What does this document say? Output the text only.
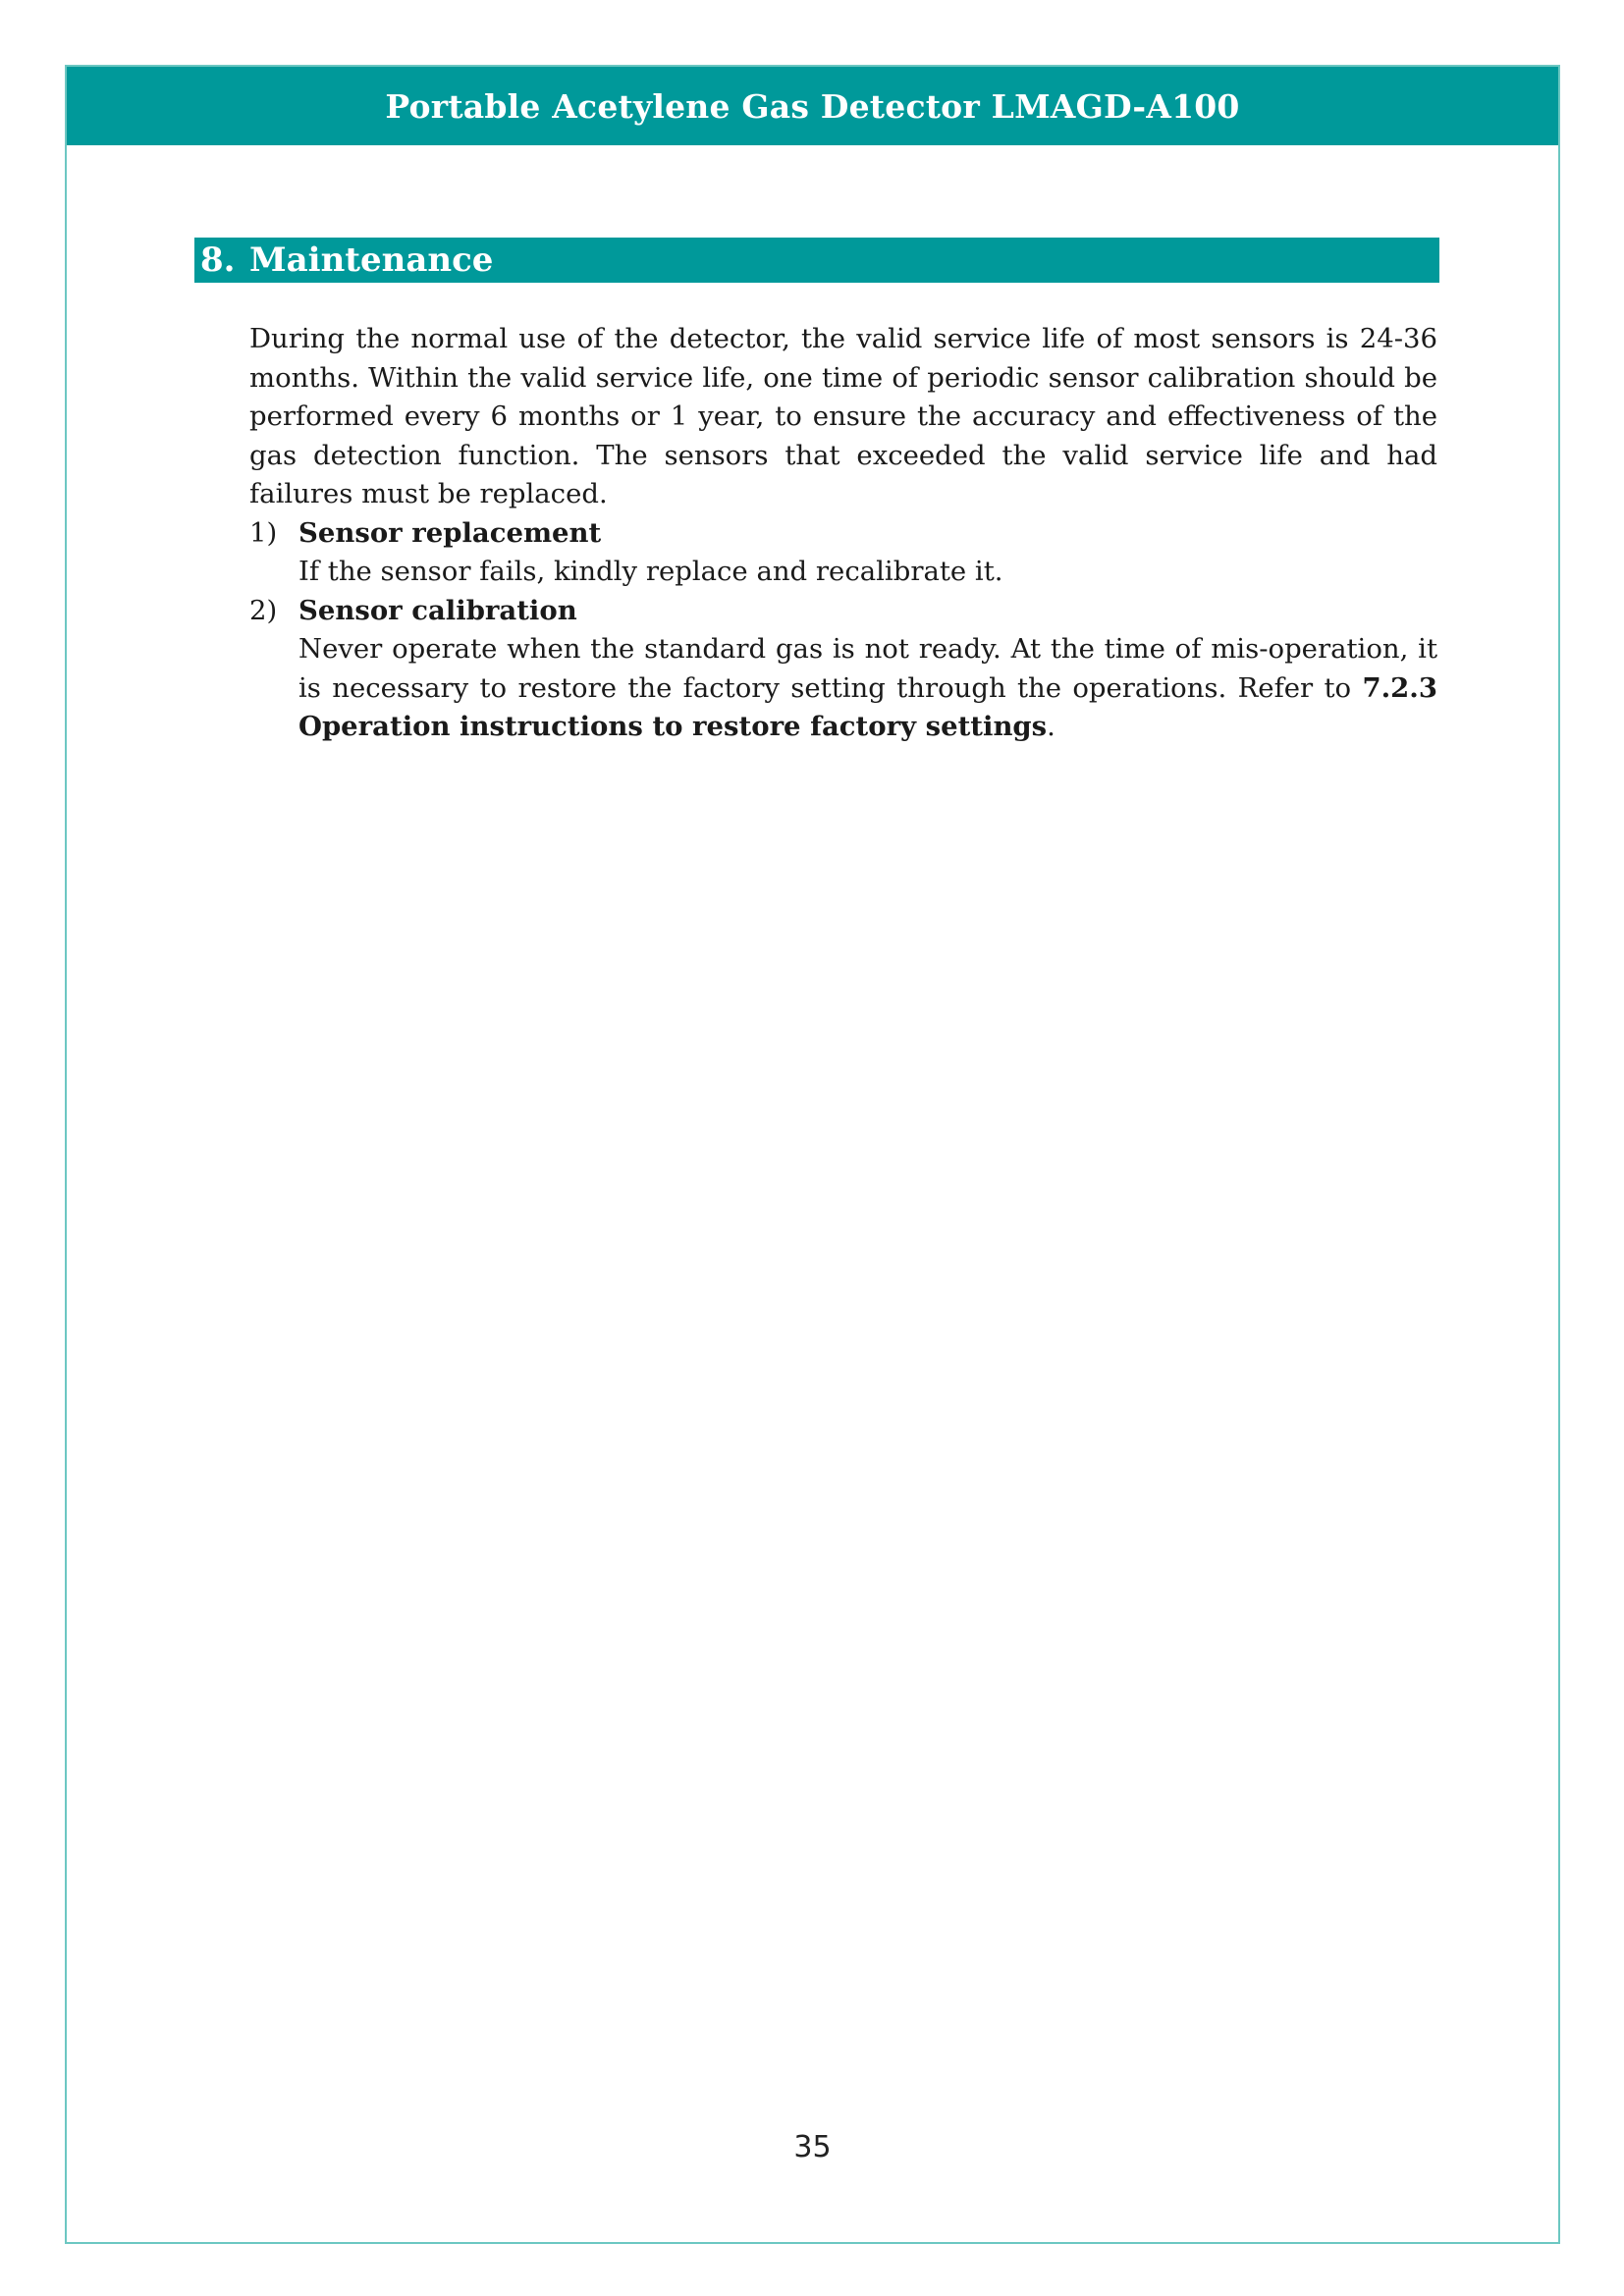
Portable Acetylene Gas Detector LMAGD-A100
8. Maintenance

During the normal use of the detector, the valid service life of most sensors is 24-36 months. Within the valid service life, one time of periodic sensor calibration should be performed every 6 months or 1 year, to ensure the accuracy and effectiveness of the gas detection function. The sensors that exceeded the valid service life and had failures must be replaced.

1) Sensor replacement
If the sensor fails, kindly replace and recalibrate it.
2) Sensor calibration
Never operate when the standard gas is not ready. At the time of mis-operation, it is necessary to restore the factory setting through the operations. Refer to 7.2.3 Operation instructions to restore factory settings.
35
